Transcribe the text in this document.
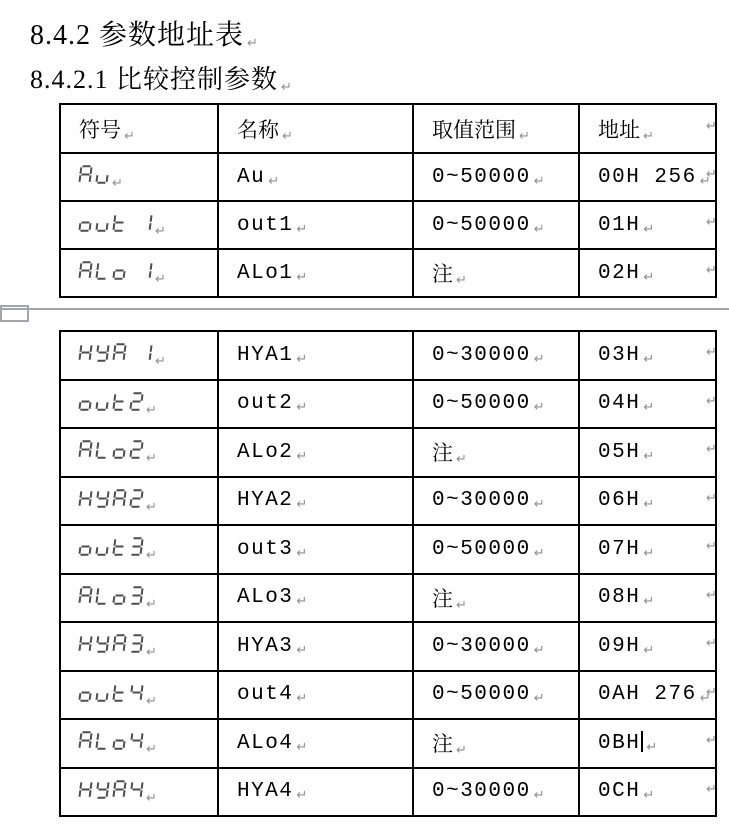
8.4.2 参数地址表 ↵
8.4.2.1 比较控制参数 ↵
符号 ↵	名称 ↵	取值范围 ↵	地址 ↵

↵	Au ↵	0~50000 ↵	00H 256 ↵

↵	out1 ↵	0~50000 ↵	01H ↵

↵	ALo1 ↵	注 ↵	02H ↵
↵	HYA1 ↵	0~30000 ↵	03H ↵

↵	out2 ↵	0~50000 ↵	04H ↵

↵	ALo2 ↵	注 ↵	05H ↵

↵	HYA2 ↵	0~30000 ↵	06H ↵

↵	out3 ↵	0~50000 ↵	07H ↵

↵	ALo3 ↵	注 ↵	08H ↵

↵	HYA3 ↵	0~30000 ↵	09H ↵

↵	out4 ↵	0~50000 ↵	0AH 276 ↵

↵	ALo4 ↵	注 ↵	0BH ↵

↵	HYA4 ↵	0~30000 ↵	0CH ↵
↵
↵
↵
↵
↵
↵
↵
↵
↵
↵
↵
↵
↵
↵
